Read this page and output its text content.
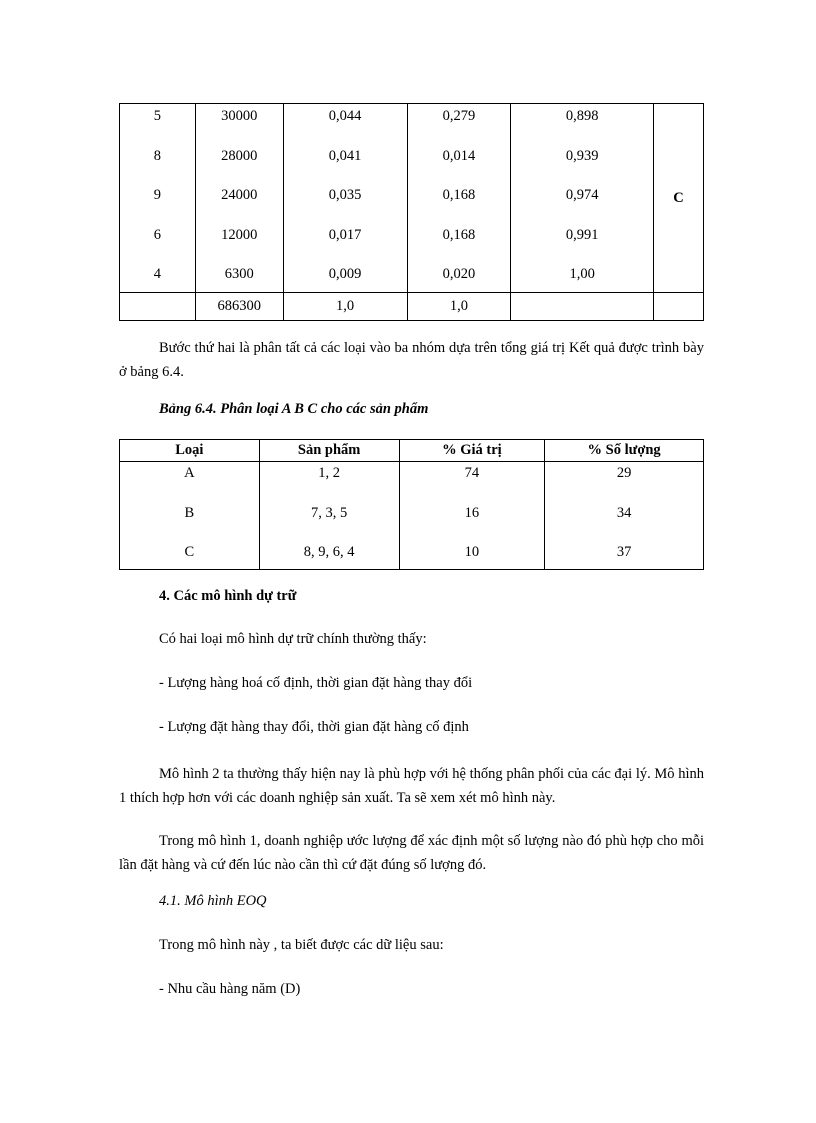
5	30000	0,044	0,279	0,898	C

8	28000	0,041	0,014	0,939	

9	24000	0,035	0,168	0,974	

6	12000	0,017	0,168	0,991	

4	6300	0,009	0,020	1,00	

	686300	1,0	1,0		
Bước thứ hai là phân tất cả các loại vào ba nhóm dựa trên tổng giá trị Kết quả được trình bày ở bảng 6.4.
Bảng 6.4. Phân loại A B C cho các sản phẩm
Loại	Sản phẩm	% Giá trị	% Số lượng

A	1, 2	74	29

B	7, 3, 5	16	34

C	8, 9, 6, 4	10	37
4. Các mô hình dự trữ
Có hai loại mô hình dự trữ chính thường thấy:
- Lượng hàng hoá cố định, thời gian đặt hàng thay đổi
- Lượng đặt hàng thay đổi, thời gian đặt hàng cố định
Mô hình 2 ta thường thấy hiện nay là phù hợp với hệ thống phân phối của các đại lý. Mô hình 1 thích hợp hơn với các doanh nghiệp sản xuất. Ta sẽ xem xét mô hình này.
Trong mô hình 1, doanh nghiệp ước lượng để xác định một số lượng nào đó phù hợp cho mỗi lần đặt hàng và cứ đến lúc nào cần thì cứ đặt đúng số lượng đó.
4.1. Mô hình EOQ
Trong mô hình này , ta biết được các dữ liệu sau:
- Nhu cầu hàng năm (D)
